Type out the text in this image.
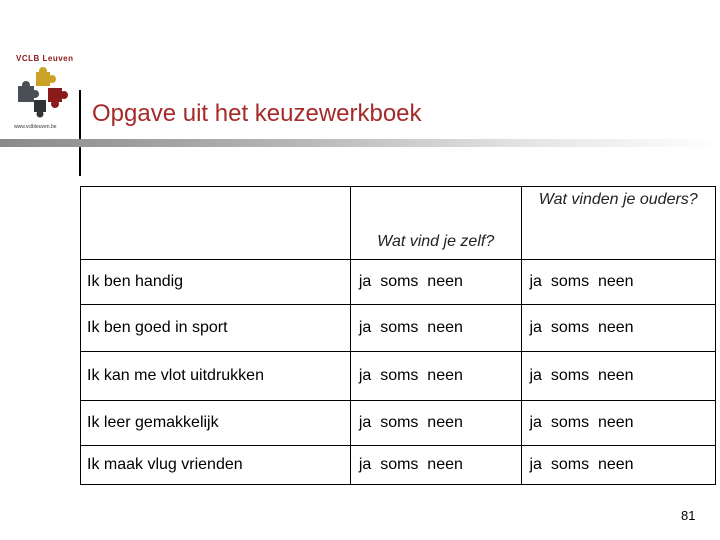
VCLB Leuven
www.vclbleuven.be Opgave uit het keuzewerkboek
	Wat vind je zelf?	Wat vinden je ouders?
Ik ben handig	ja  soms  neen	ja  soms  neen
Ik ben goed in sport	ja  soms  neen	ja  soms  neen
Ik kan me vlot uitdrukken	ja  soms  neen	ja  soms  neen
Ik leer gemakkelijk	ja  soms  neen	ja  soms  neen
Ik maak vlug vrienden	ja  soms  neen	ja  soms  neen
81
